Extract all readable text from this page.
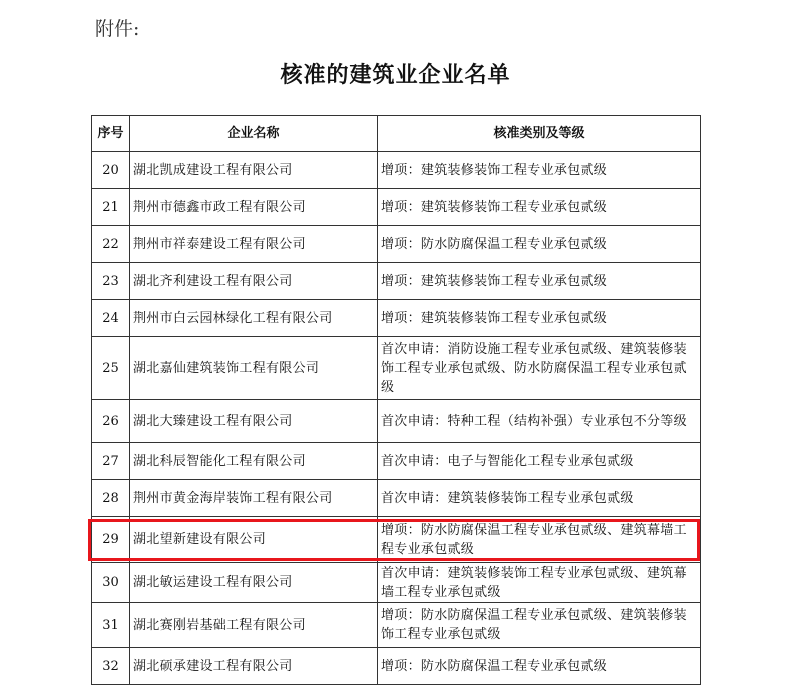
附件:
核准的建筑业企业名单
序号	企业名称	核准类别及等级
20	湖北凯成建设工程有限公司	增项：建筑装修装饰工程专业承包贰级
21	荆州市德鑫市政工程有限公司	增项：建筑装修装饰工程专业承包贰级
22	荆州市祥泰建设工程有限公司	增项：防水防腐保温工程专业承包贰级
23	湖北齐利建设工程有限公司	增项：建筑装修装饰工程专业承包贰级
24	荆州市白云园林绿化工程有限公司	增项：建筑装修装饰工程专业承包贰级
25	湖北嘉仙建筑装饰工程有限公司	首次申请：消防设施工程专业承包贰级、建筑装修装饰工程专业承包贰级、防水防腐保温工程专业承包贰级
26	湖北大臻建设工程有限公司	首次申请：特种工程（结构补强）专业承包不分等级
27	湖北科辰智能化工程有限公司	首次申请：电子与智能化工程专业承包贰级
28	荆州市黄金海岸装饰工程有限公司	首次申请：建筑装修装饰工程专业承包贰级
29	湖北望新建设有限公司	增项：防水防腐保温工程专业承包贰级、建筑幕墙工程专业承包贰级
30	湖北敏运建设工程有限公司	首次申请：建筑装修装饰工程专业承包贰级、建筑幕墙工程专业承包贰级
31	湖北赛刚岩基础工程有限公司	增项：防水防腐保温工程专业承包贰级、建筑装修装饰工程专业承包贰级
32	湖北硕承建设工程有限公司	增项：防水防腐保温工程专业承包贰级
